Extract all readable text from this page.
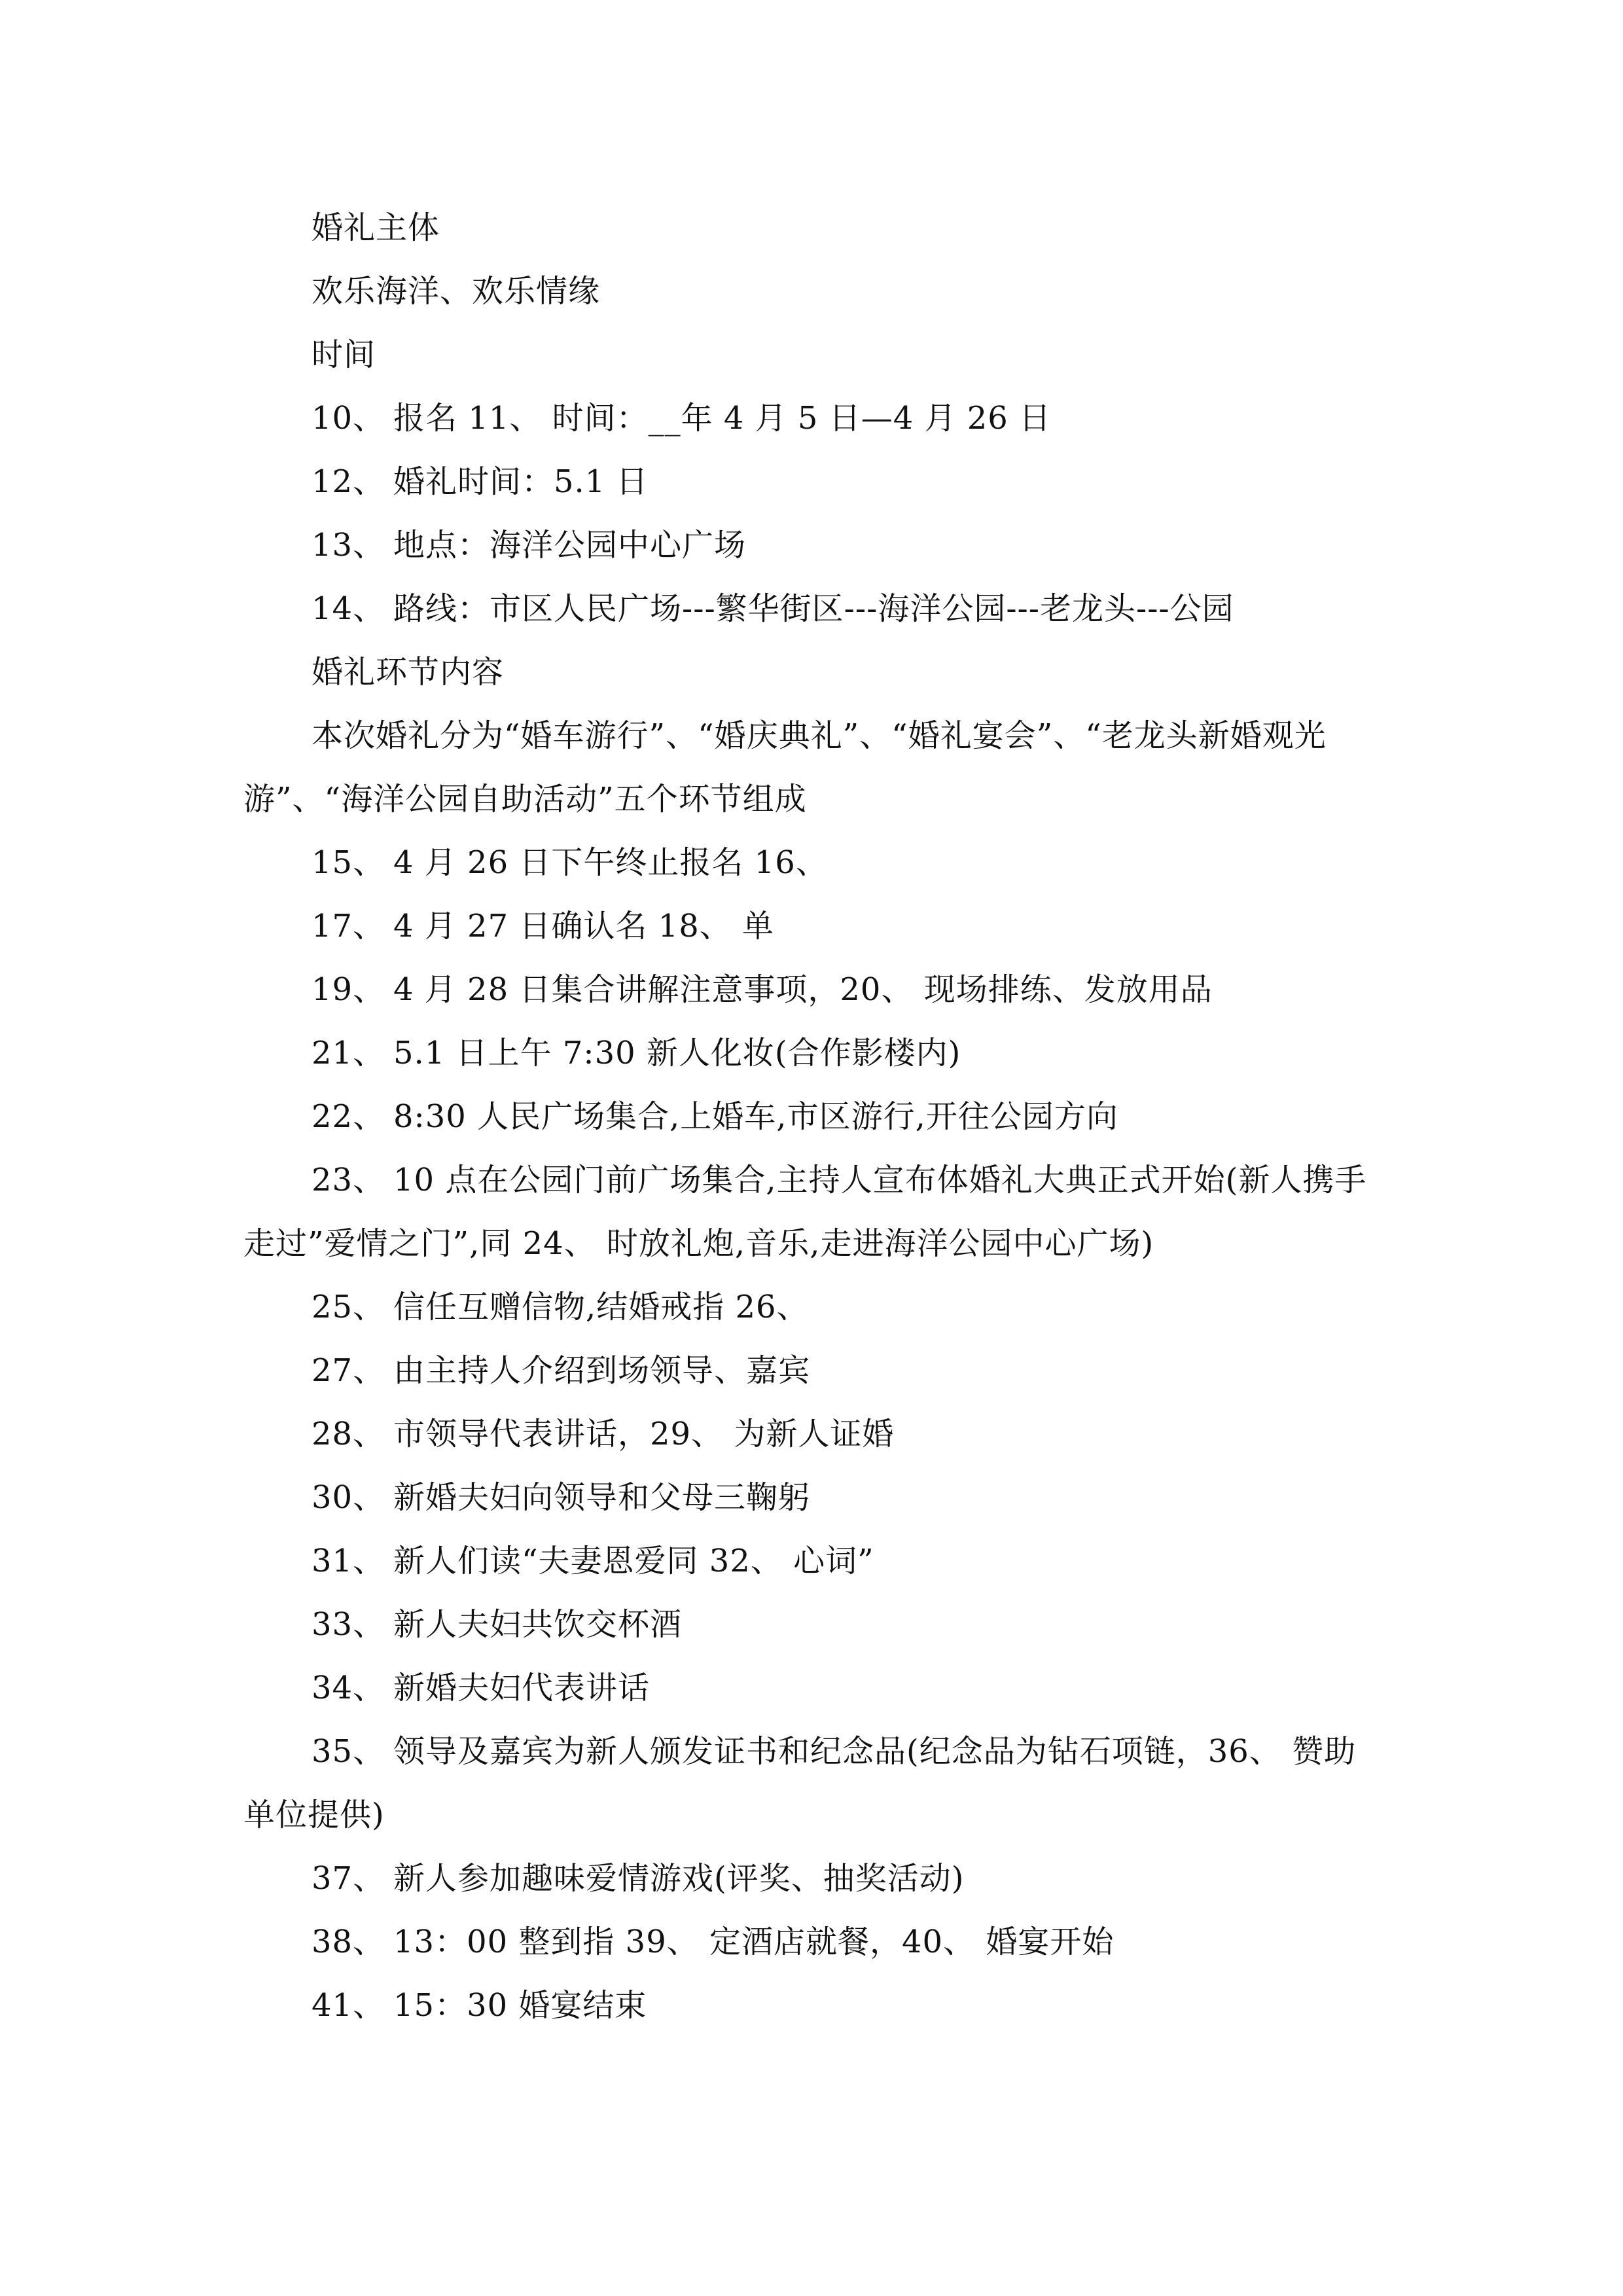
婚礼主体

欢乐海洋、欢乐情缘

时间

10、 报名 11、 时间：__年 4 月 5 日—4 月 26 日

12、 婚礼时间：5.1 日

13、 地点：海洋公园中心广场

14、 路线：市区人民广场---繁华街区---海洋公园---老龙头---公园

婚礼环节内容

本次婚礼分为“婚车游行”、“婚庆典礼”、“婚礼宴会”、“老龙头新婚观光游”、“海洋公园自助活动”五个环节组成

15、 4 月 26 日下午终止报名 16、

17、 4 月 27 日确认名 18、 单

19、 4 月 28 日集合讲解注意事项，20、 现场排练、发放用品

21、 5.1 日上午 7:30 新人化妆(合作影楼内)

22、 8:30 人民广场集合,上婚车,市区游行,开往公园方向

23、 10 点在公园门前广场集合,主持人宣布体婚礼大典正式开始(新人携手走过”爱情之门”,同 24、 时放礼炮,音乐,走进海洋公园中心广场)

25、 信任互赠信物,结婚戒指 26、

27、 由主持人介绍到场领导、嘉宾

28、 市领导代表讲话，29、 为新人证婚

30、 新婚夫妇向领导和父母三鞠躬

31、 新人们读“夫妻恩爱同 32、 心词”

33、 新人夫妇共饮交杯酒

34、 新婚夫妇代表讲话

35、 领导及嘉宾为新人颁发证书和纪念品(纪念品为钻石项链，36、 赞助单位提供)

37、 新人参加趣味爱情游戏(评奖、抽奖活动)

38、 13：00 整到指 39、 定酒店就餐，40、 婚宴开始

41、 15：30 婚宴结束
